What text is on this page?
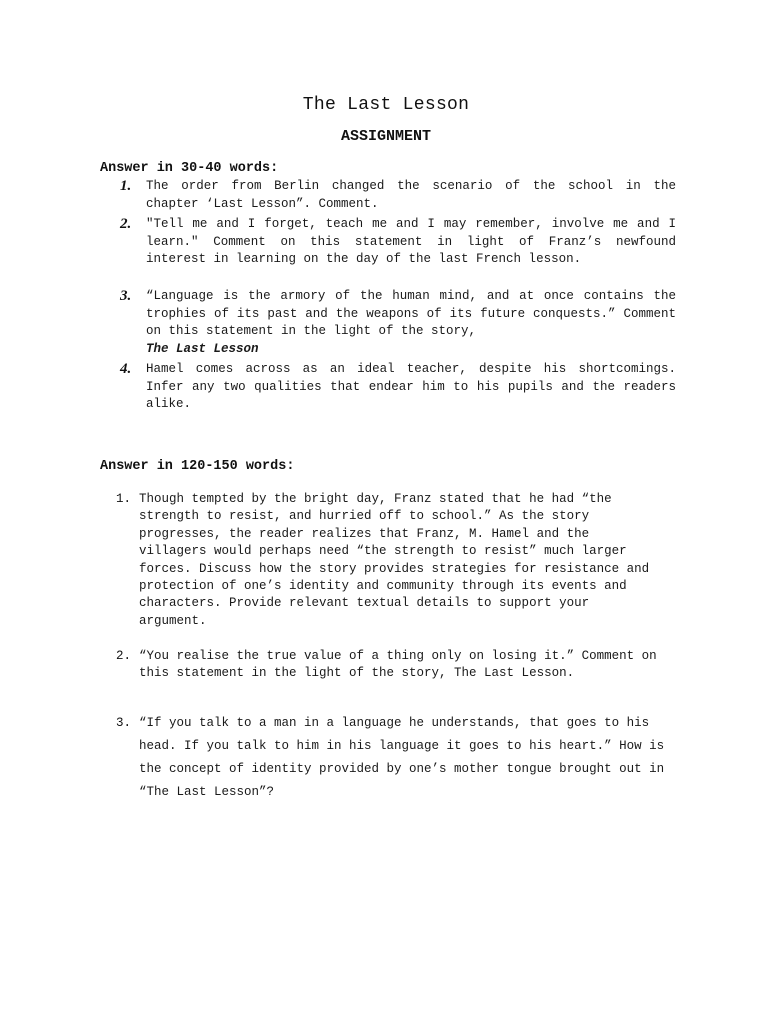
The Last Lesson
ASSIGNMENT
Answer in 30-40 words:
1.	The order from Berlin changed the scenario of the school in the chapter ‘Last Lesson”. Comment.
2.	"Tell me and I forget, teach me and I may remember, involve me and I learn." Comment on this statement in light of Franz’s newfound interest in learning on the day of the last French lesson.
3.	“Language is the armory of the human mind, and at once contains the trophies of its past and the weapons of its future conquests.” Comment on this statement in the light of the story,
The Last Lesson
4.	Hamel comes across as an ideal teacher, despite his shortcomings. Infer any two qualities that endear him to his pupils and the readers alike.
Answer in 120-150 words:
1. Though tempted by the bright day, Franz stated that he had “the strength to resist, and hurried off to school.” As the story progresses, the reader realizes that Franz, M. Hamel and the villagers would perhaps need “the strength to resist” much larger forces. Discuss how the story provides strategies for resistance and protection of one’s identity and community through its events and characters. Provide relevant textual details to support your argument.
2. “You realise the true value of a thing only on losing it.” Comment on this statement in the light of the story, The Last Lesson.
3. “If you talk to a man in a language he understands, that goes to his head. If you talk to him in his language it goes to his heart.” How is the concept of identity provided by one’s mother tongue brought out in “The Last Lesson”?
